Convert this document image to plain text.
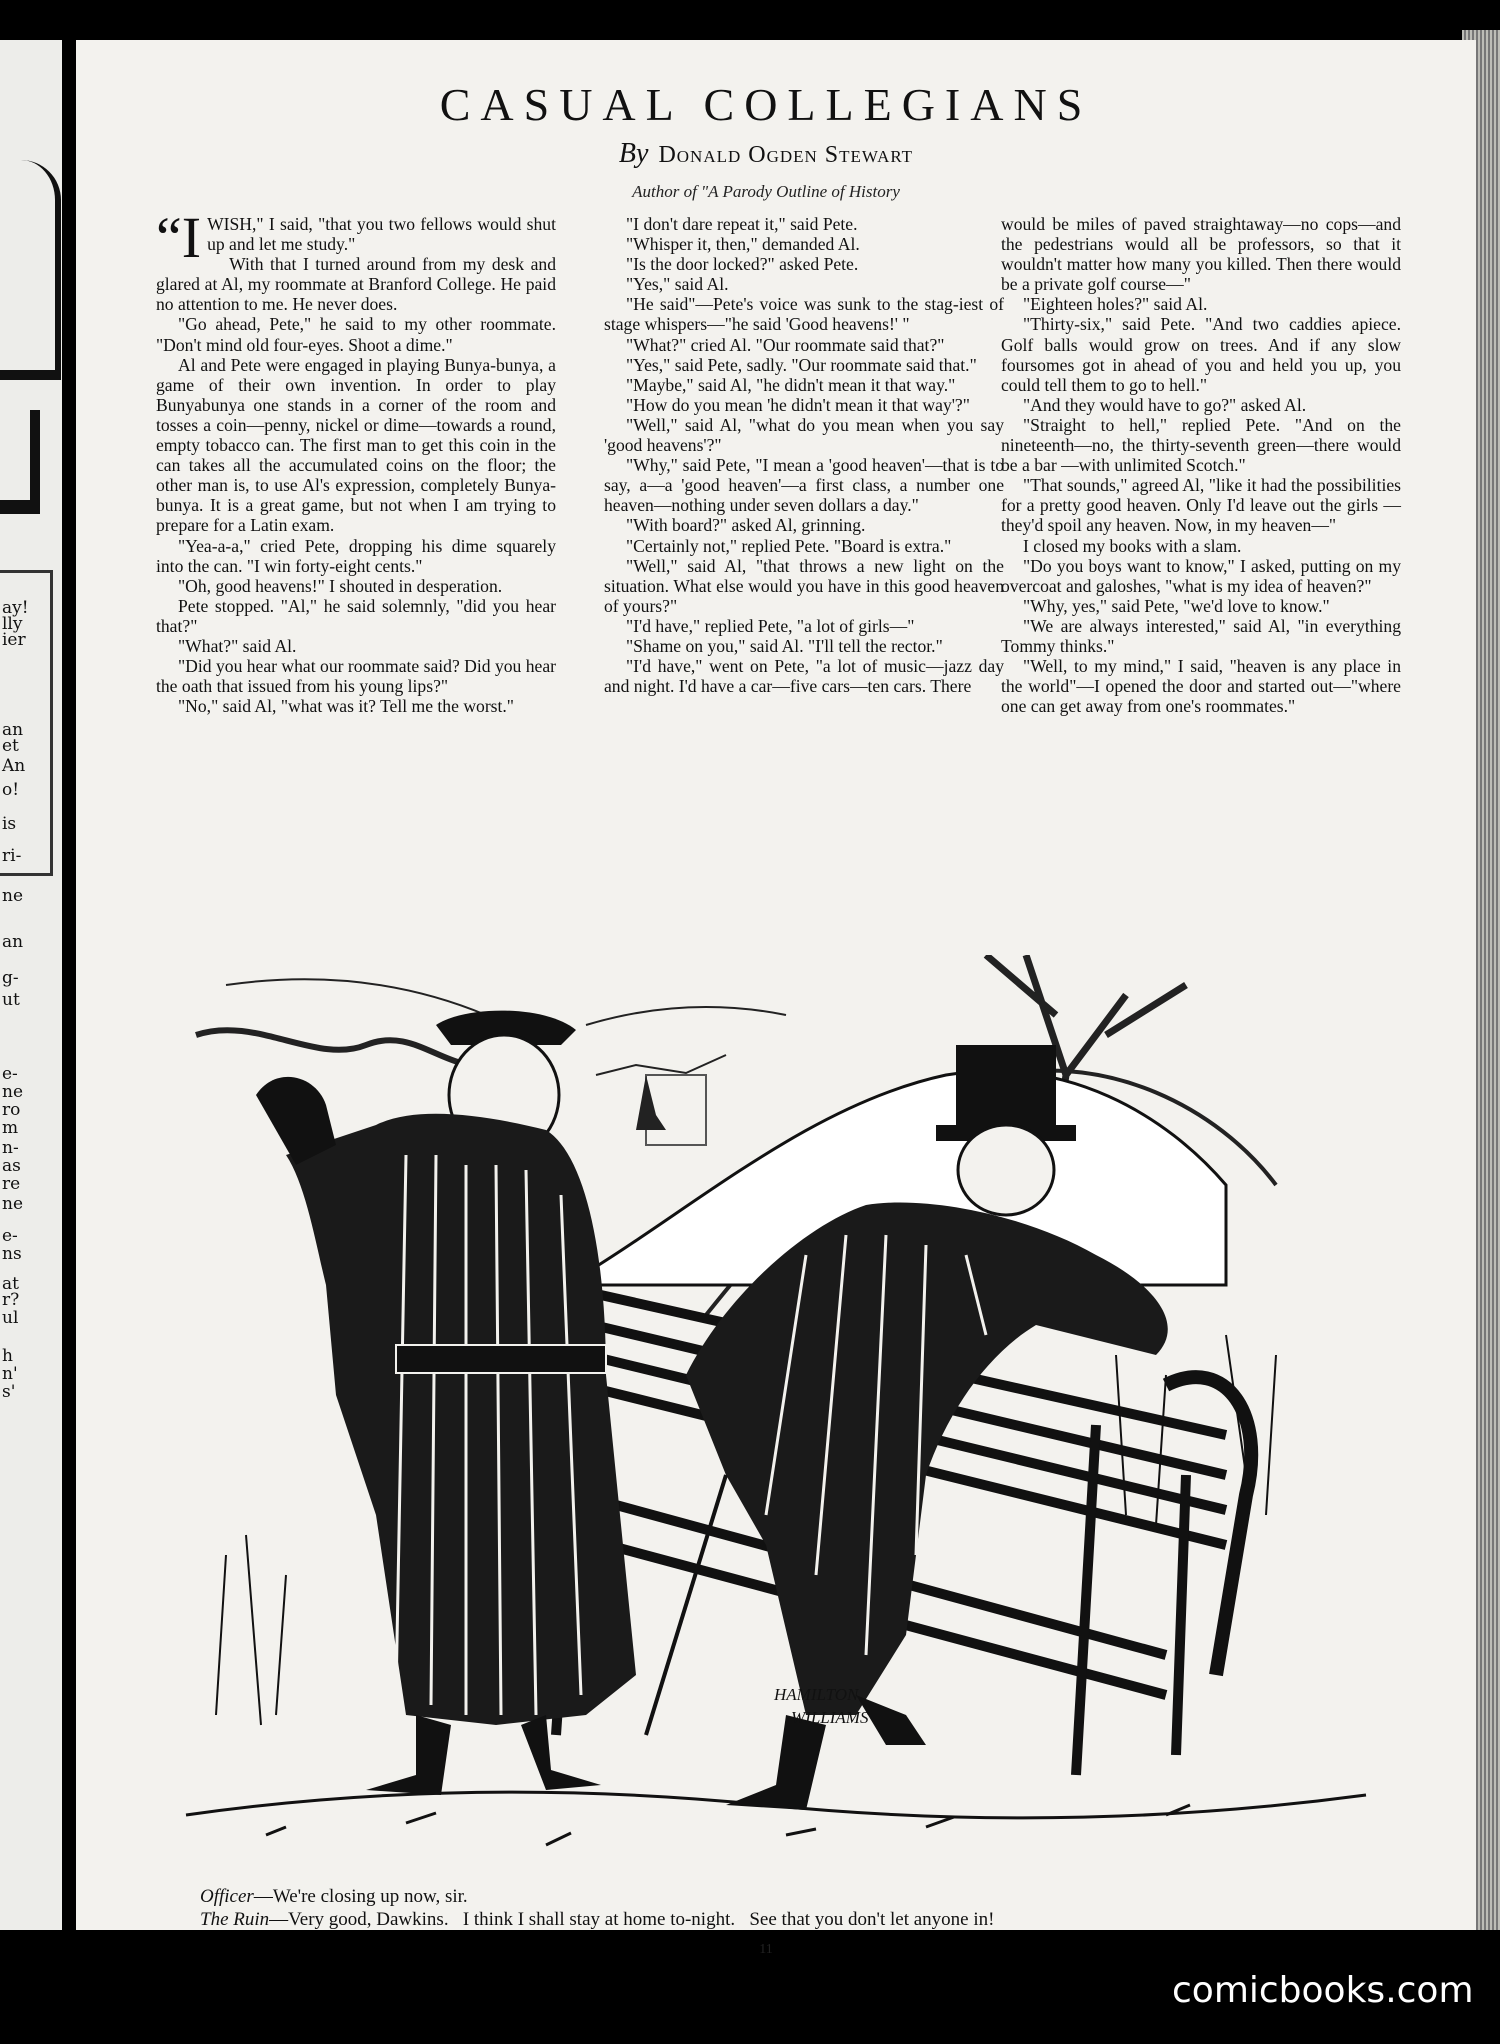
ay!
lly
ier
an
et
An
o!
is
ri-
ne
an
g-
ut
e-
ne
ro
m
n-
as
re
ne
e-
ns
at
r?
ul
h
n'
s'
CASUAL COLLEGIANS
By Donald Ogden Stewart
Author of "A Parody Outline of History

“IWISH," I said, "that you two fellows would shut up and let me study."

With that I turned around from my desk and glared at Al, my roommate at Branford College. He paid no attention to me. He never does.

"Go ahead, Pete," he said to my other roommate. "Don't mind old four-eyes. Shoot a dime."

Al and Pete were engaged in playing Bunya-bunya, a game of their own invention. In order to play Bunyabunya one stands in a corner of the room and tosses a coin—penny, nickel or dime—towards a round, empty tobacco can. The first man to get this coin in the can takes all the accumulated coins on the floor; the other man is, to use Al's expression, completely Bunya-bunya. It is a great game, but not when I am trying to prepare for a Latin exam.

"Yea-a-a," cried Pete, dropping his dime squarely into the can. "I win forty-eight cents."

"Oh, good heavens!" I shouted in desperation.

Pete stopped. "Al," he said solemnly, "did you hear that?"

"What?" said Al.

"Did you hear what our roommate said? Did you hear the oath that issued from his young lips?"

"No," said Al, "what was it? Tell me the worst."

"I don't dare repeat it," said Pete.

"Whisper it, then," demanded Al.

"Is the door locked?" asked Pete.

"Yes," said Al.

"He said"—Pete's voice was sunk to the stag-iest of stage whispers—"he said 'Good heavens!' "

"What?" cried Al. "Our roommate said that?"

"Yes," said Pete, sadly. "Our roommate said that."

"Maybe," said Al, "he didn't mean it that way."

"How do you mean 'he didn't mean it that way'?"

"Well," said Al, "what do you mean when you say 'good heavens'?"

"Why," said Pete, "I mean a 'good heaven'—that is to say, a—a 'good heaven'—a first class, a number one heaven—nothing under seven dollars a day."

"With board?" asked Al, grinning.

"Certainly not," replied Pete. "Board is extra."

"Well," said Al, "that throws a new light on the situation. What else would you have in this good heaven of yours?"

"I'd have," replied Pete, "a lot of girls—"

"Shame on you," said Al. "I'll tell the rector."

"I'd have," went on Pete, "a lot of music—jazz day and night. I'd have a car—five cars—ten cars. There

would be miles of paved straightaway—no cops—and the pedestrians would all be professors, so that it wouldn't matter how many you killed. Then there would be a private golf course—"

"Eighteen holes?" said Al.

"Thirty-six," said Pete. "And two caddies apiece. Golf balls would grow on trees. And if any slow foursomes got in ahead of you and held you up, you could tell them to go to hell."

"And they would have to go?" asked Al.

"Straight to hell," replied Pete. "And on the nineteenth—no, the thirty-seventh green—there would be a bar —with unlimited Scotch."

"That sounds," agreed Al, "like it had the possibilities for a pretty good heaven. Only I'd leave out the girls —they'd spoil any heaven. Now, in my heaven—"

I closed my books with a slam.

"Do you boys want to know," I asked, putting on my overcoat and galoshes, "what is my idea of heaven?"

"Why, yes," said Pete, "we'd love to know."

"We are always interested," said Al, "in everything Tommy thinks."

"Well, to my mind," I said, "heaven is any place in the world"—I opened the door and started out—"where one can get away from one's roommates."

HAMILTON
WILLIAMS
Officer—We're closing up now, sir.
The Ruin—Very good, Dawkins.   I think I shall stay at home to-night.   See that you don't let anyone in!
11
comicbooks.com
